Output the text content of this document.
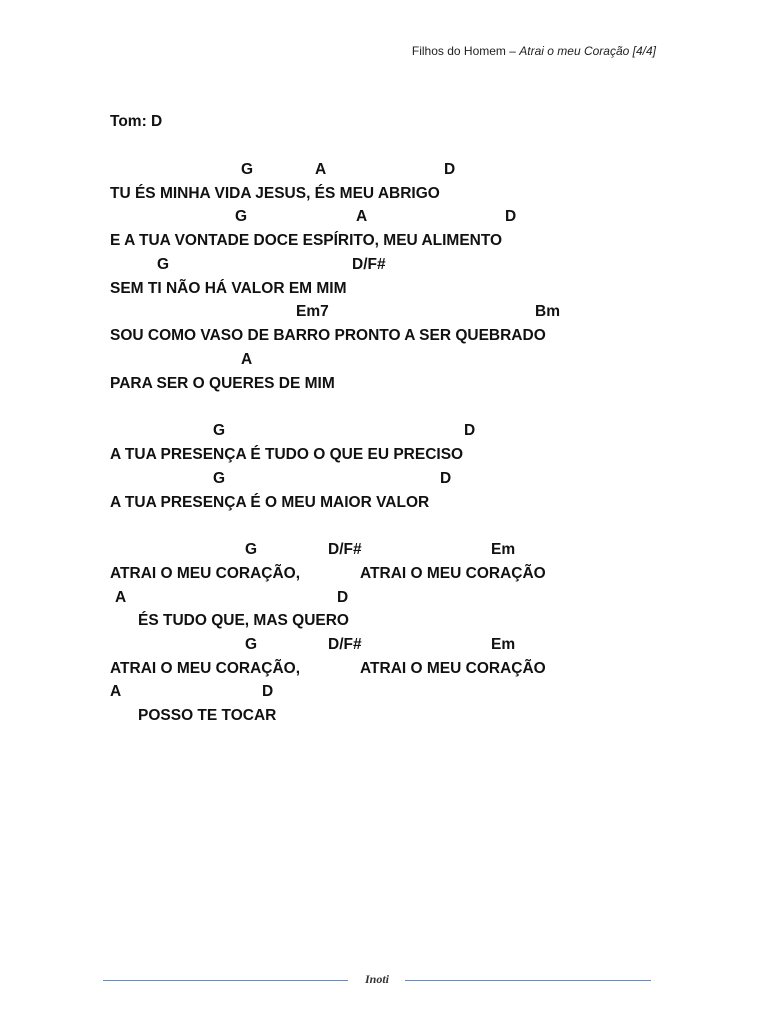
Filhos do Homem – Atrai o meu Coração [4/4]
Tom: D
G	A	D
TU ÉS MINHA VIDA JESUS, ÉS MEU ABRIGO
G	A	D
E A TUA VONTADE DOCE ESPÍRITO, MEU ALIMENTO
G	D/F#
SEM TI NÃO HÁ VALOR EM MIM
Em7	Bm
SOU COMO VASO DE BARRO PRONTO A SER QUEBRADO
A
PARA SER O QUERES DE MIM
G	D
A TUA PRESENÇA É TUDO O QUE EU PRECISO
G	D
A TUA PRESENÇA É O MEU MAIOR VALOR
G	D/F#	Em
ATRAI O MEU CORAÇÃO,	ATRAI O MEU CORAÇÃO
A	D
ÉS TUDO QUE, MAS QUERO
G	D/F#	Em
ATRAI O MEU CORAÇÃO,	ATRAI O MEU CORAÇÃO
A	D
POSSO TE TOCAR
Inoti
